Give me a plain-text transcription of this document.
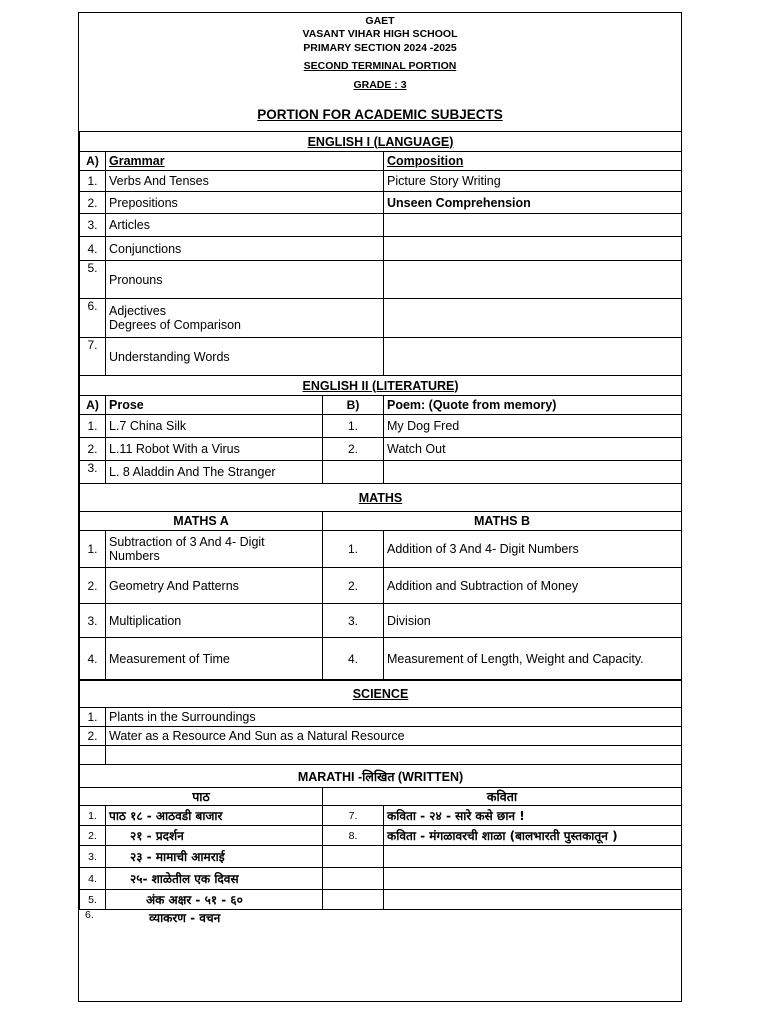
GAET
VASANT VIHAR HIGH SCHOOL
PRIMARY SECTION 2024 -2025
SECOND TERMINAL PORTION
GRADE : 3
PORTION FOR ACADEMIC SUBJECTS
ENGLISH I (LANGUAGE)		
A)	Grammar	Composition
1.	Verbs And Tenses	Picture Story Writing
2.	Prepositions	Unseen Comprehension
3.	Articles	
4.	Conjunctions	
5.	Pronouns	
6.	Adjectives
Degrees of Comparison	

7.	Understanding Words	
ENGLISH II (LITERATURE)			
A)	Prose	B)	Poem: (Quote from memory)
1.	L.7 China Silk	1.	My Dog Fred
2.	L.11 Robot With a Virus	2.	Watch Out
3.	L. 8 Aladdin And The Stranger		
MATHS			
MATHS A		MATHS B	
1.	Subtraction of 3 And 4- Digit
Numbers	1.	Addition of 3 And 4- Digit Numbers
2.	Geometry And Patterns	2.	Addition and Subtraction of Money
3.	Multiplication	3.	Division
4.	Measurement of Time	4.	Measurement of Length, Weight and Capacity.
SCIENCE	
1.	Plants in the Surroundings
2.	Water as a Resource And Sun as a Natural Resource

MARATHI -लिखित (WRITTEN)			
पाठ		कविता	
1.	पाठ १८ - आठवडी बाजार	7.	कविता - २४ - सारे कसे छान !
2.	२१ - प्रदर्शन	8.	कविता - मंगळावरची शाळा (बालभारती पुस्तकातून )
3.	२३ - मामाची आमराई		
4.	२५- शाळेतील एक दिवस		
5.	अंक अक्षर - ५१ - ६०		
6.	व्याकरण - वचन
